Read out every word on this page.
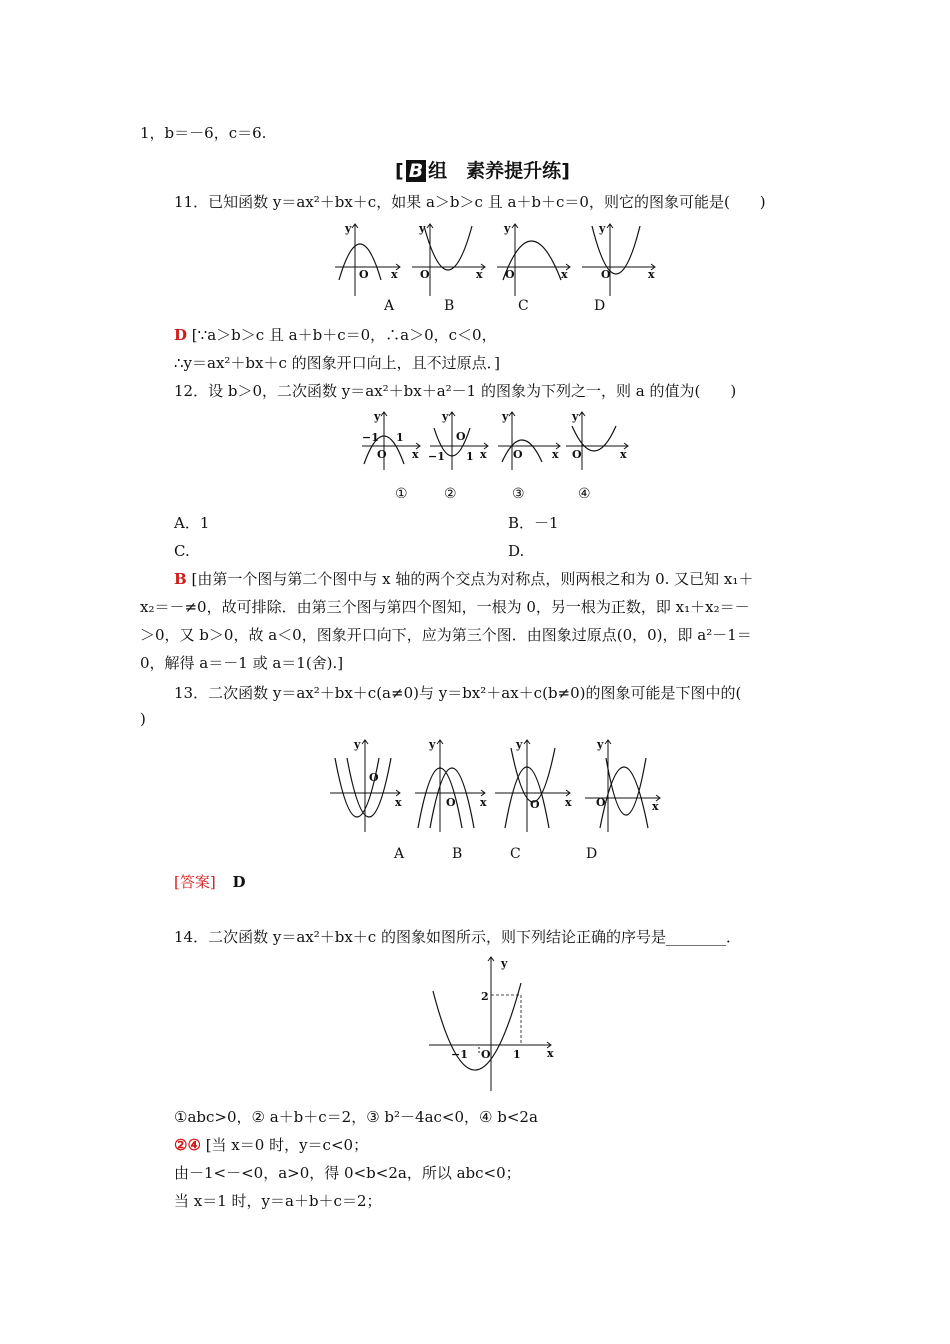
1，b＝－6，c＝6.
[ B 组　素养提升练]
11．已知函数 y＝ax²＋bx＋c，如果 a＞b＞c 且 a＋b＋c＝0，则它的图象可能是(　　)
y
x
O
y
x
O
y
x
O
y
x
O
A	B	C	D
D [∵a＞b＞c 且 a＋b＋c＝0，∴a＞0，c＜0，
∴y＝ax²＋bx＋c 的图象开口向上，且不过原点．]
12．设 b＞0，二次函数 y＝ax²＋bx＋a²－1 的图象为下列之一，则 a 的值为(　　)
y
−1 1
x
O
y
O
−1 1 x
y
O	x
y
O	x
①	②	③	④
A．1	B．－1
C.	D.
B [由第一个图与第二个图中与 x 轴的两个交点为对称点，则两根之和为 0. 又已知 x₁＋
x₂＝－≠0，故可排除．由第三个图与第四个图知，一根为 0，另一根为正数，即 x₁＋x₂＝－
＞0，又 b＞0，故 a＜0，图象开口向下，应为第三个图．由图象过原点(0，0)，即 a²－1＝
0，解得 a＝－1 或 a＝1(舍).]
13．二次函数 y＝ax²＋bx＋c(a≠0)与 y＝bx²＋ax＋c(b≠0)的图象可能是下图中的(
)
y
O
x
y
O x
y
O x
y
O	x
A	B	C	D
[答案] D
14．二次函数 y＝ax²＋bx＋c 的图象如图所示，则下列结论正确的序号是________．
y
x
O
−1	1
2
①abc>0，② a＋b＋c＝2，③ b²－4ac<0，④ b<2a
②④ [当 x＝0 时，y＝c<0；
由－1<－<0，a>0，得 0<b<2a，所以 abc<0；
当 x＝1 时，y＝a＋b＋c＝2；
